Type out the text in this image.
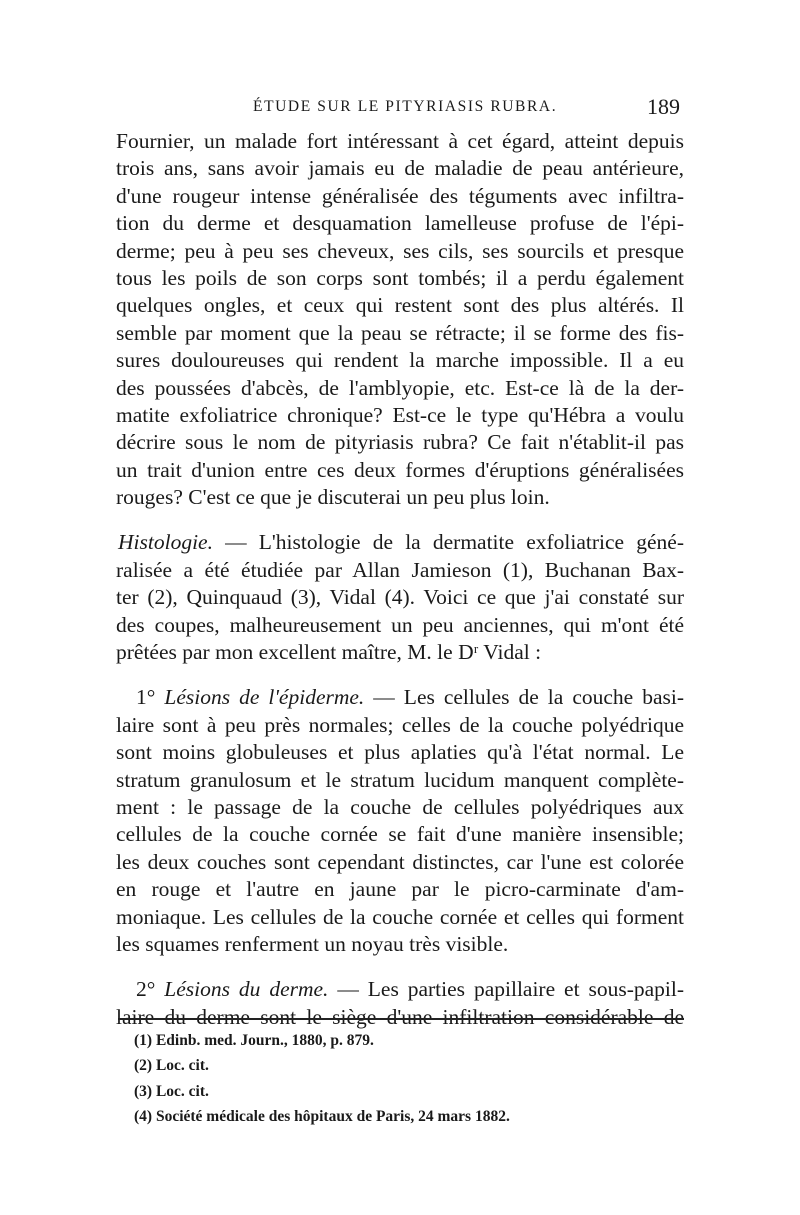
ÉTUDE SUR LE PITYRIASIS RUBRA.	189
Fournier, un malade fort intéressant à cet égard, atteint depuis
trois ans, sans avoir jamais eu de maladie de peau antérieure,
d'une rougeur intense généralisée des téguments avec infiltra-
tion du derme et desquamation lamelleuse profuse de l'épi-
derme; peu à peu ses cheveux, ses cils, ses sourcils et presque
tous les poils de son corps sont tombés; il a perdu également
quelques ongles, et ceux qui restent sont des plus altérés. Il
semble par moment que la peau se rétracte; il se forme des fis-
sures douloureuses qui rendent la marche impossible. Il a eu
des poussées d'abcès, de l'amblyopie, etc. Est-ce là de la der-
matite exfoliatrice chronique? Est-ce le type qu'Hébra a voulu
décrire sous le nom de pityriasis rubra? Ce fait n'établit-il pas
un trait d'union entre ces deux formes d'éruptions généralisées
rouges? C'est ce que je discuterai un peu plus loin.
Histologie. — L'histologie de la dermatite exfoliatrice géné-
ralisée a été étudiée par Allan Jamieson (1), Buchanan Bax-
ter (2), Quinquaud (3), Vidal (4). Voici ce que j'ai constaté sur
des coupes, malheureusement un peu anciennes, qui m'ont été
prêtées par mon excellent maître, M. le Dʳ Vidal :
1° Lésions de l'épiderme. — Les cellules de la couche basi-
laire sont à peu près normales; celles de la couche polyédrique
sont moins globuleuses et plus aplaties qu'à l'état normal. Le
stratum granulosum et le stratum lucidum manquent complète-
ment : le passage de la couche de cellules polyédriques aux
cellules de la couche cornée se fait d'une manière insensible;
les deux couches sont cependant distinctes, car l'une est colorée
en rouge et l'autre en jaune par le picro-carminate d'am-
moniaque. Les cellules de la couche cornée et celles qui forment
les squames renferment un noyau très visible.
2° Lésions du derme. — Les parties papillaire et sous-papil-
laire du derme sont le siège d'une infiltration considérable de
(1) Edinb. med. Journ., 1880, p. 879.
(2) Loc. cit.
(3) Loc. cit.
(4) Société médicale des hôpitaux de Paris, 24 mars 1882.
